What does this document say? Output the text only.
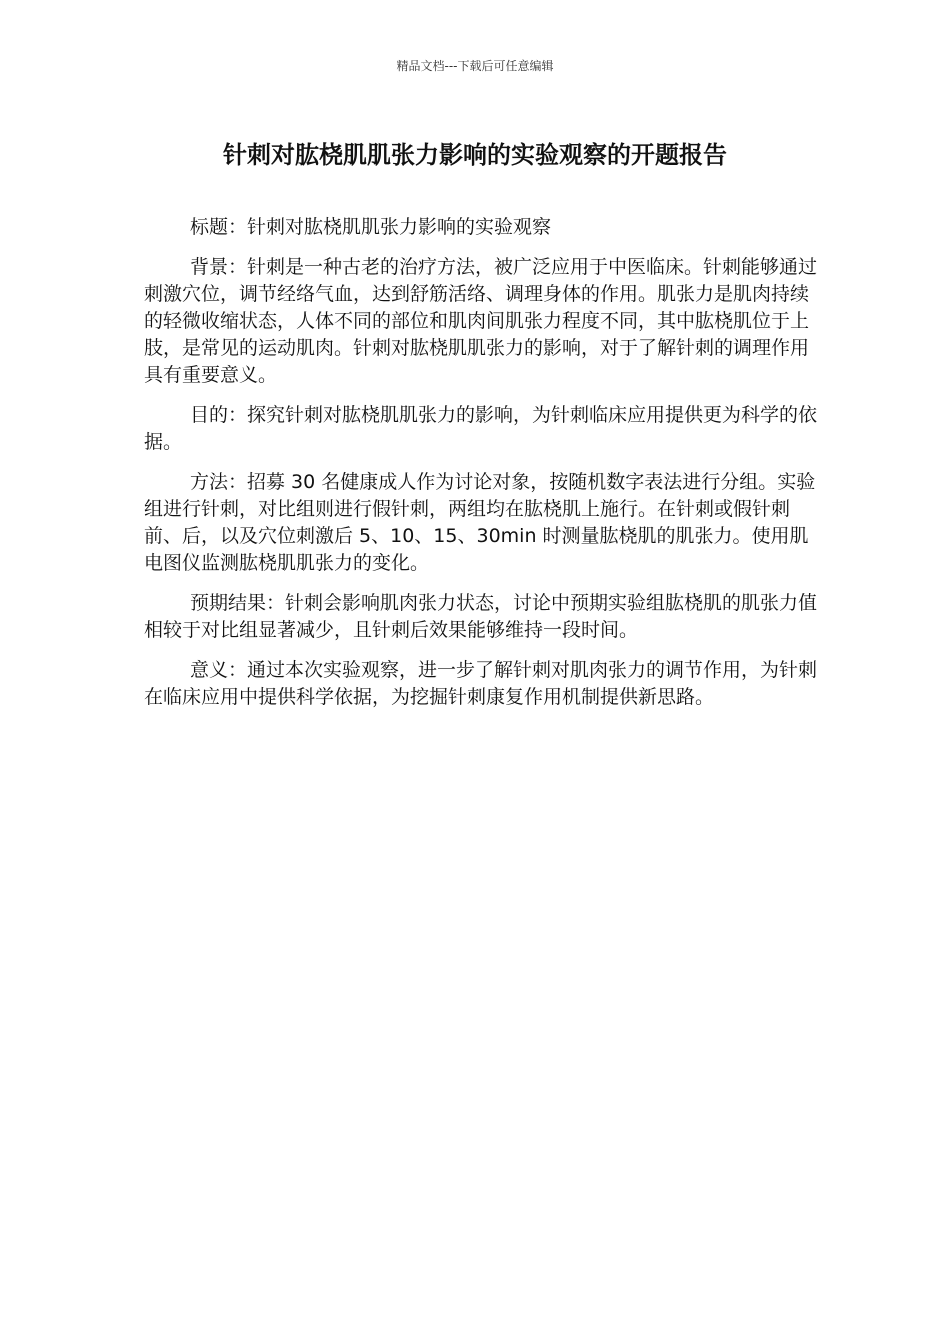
精品文档---下载后可任意编辑
针刺对肱桡肌肌张力影响的实验观察的开题报告

标题：针刺对肱桡肌肌张力影响的实验观察

背景：针刺是一种古老的治疗方法，被广泛应用于中医临床。针刺能够通过刺激穴位，调节经络气血，达到舒筋活络、调理身体的作用。肌张力是肌肉持续的轻微收缩状态，人体不同的部位和肌肉间肌张力程度不同，其中肱桡肌位于上肢，是常见的运动肌肉。针刺对肱桡肌肌张力的影响，对于了解针刺的调理作用具有重要意义。

目的：探究针刺对肱桡肌肌张力的影响，为针刺临床应用提供更为科学的依据。

方法：招募 30 名健康成人作为讨论对象，按随机数字表法进行分组。实验组进行针刺，对比组则进行假针刺，两组均在肱桡肌上施行。在针刺或假针刺前、后，以及穴位刺激后 5、10、15、30min 时测量肱桡肌的肌张力。使用肌电图仪监测肱桡肌肌张力的变化。

预期结果：针刺会影响肌肉张力状态，讨论中预期实验组肱桡肌的肌张力值相较于对比组显著减少，且针刺后效果能够维持一段时间。

意义：通过本次实验观察，进一步了解针刺对肌肉张力的调节作用，为针刺在临床应用中提供科学依据，为挖掘针刺康复作用机制提供新思路。
